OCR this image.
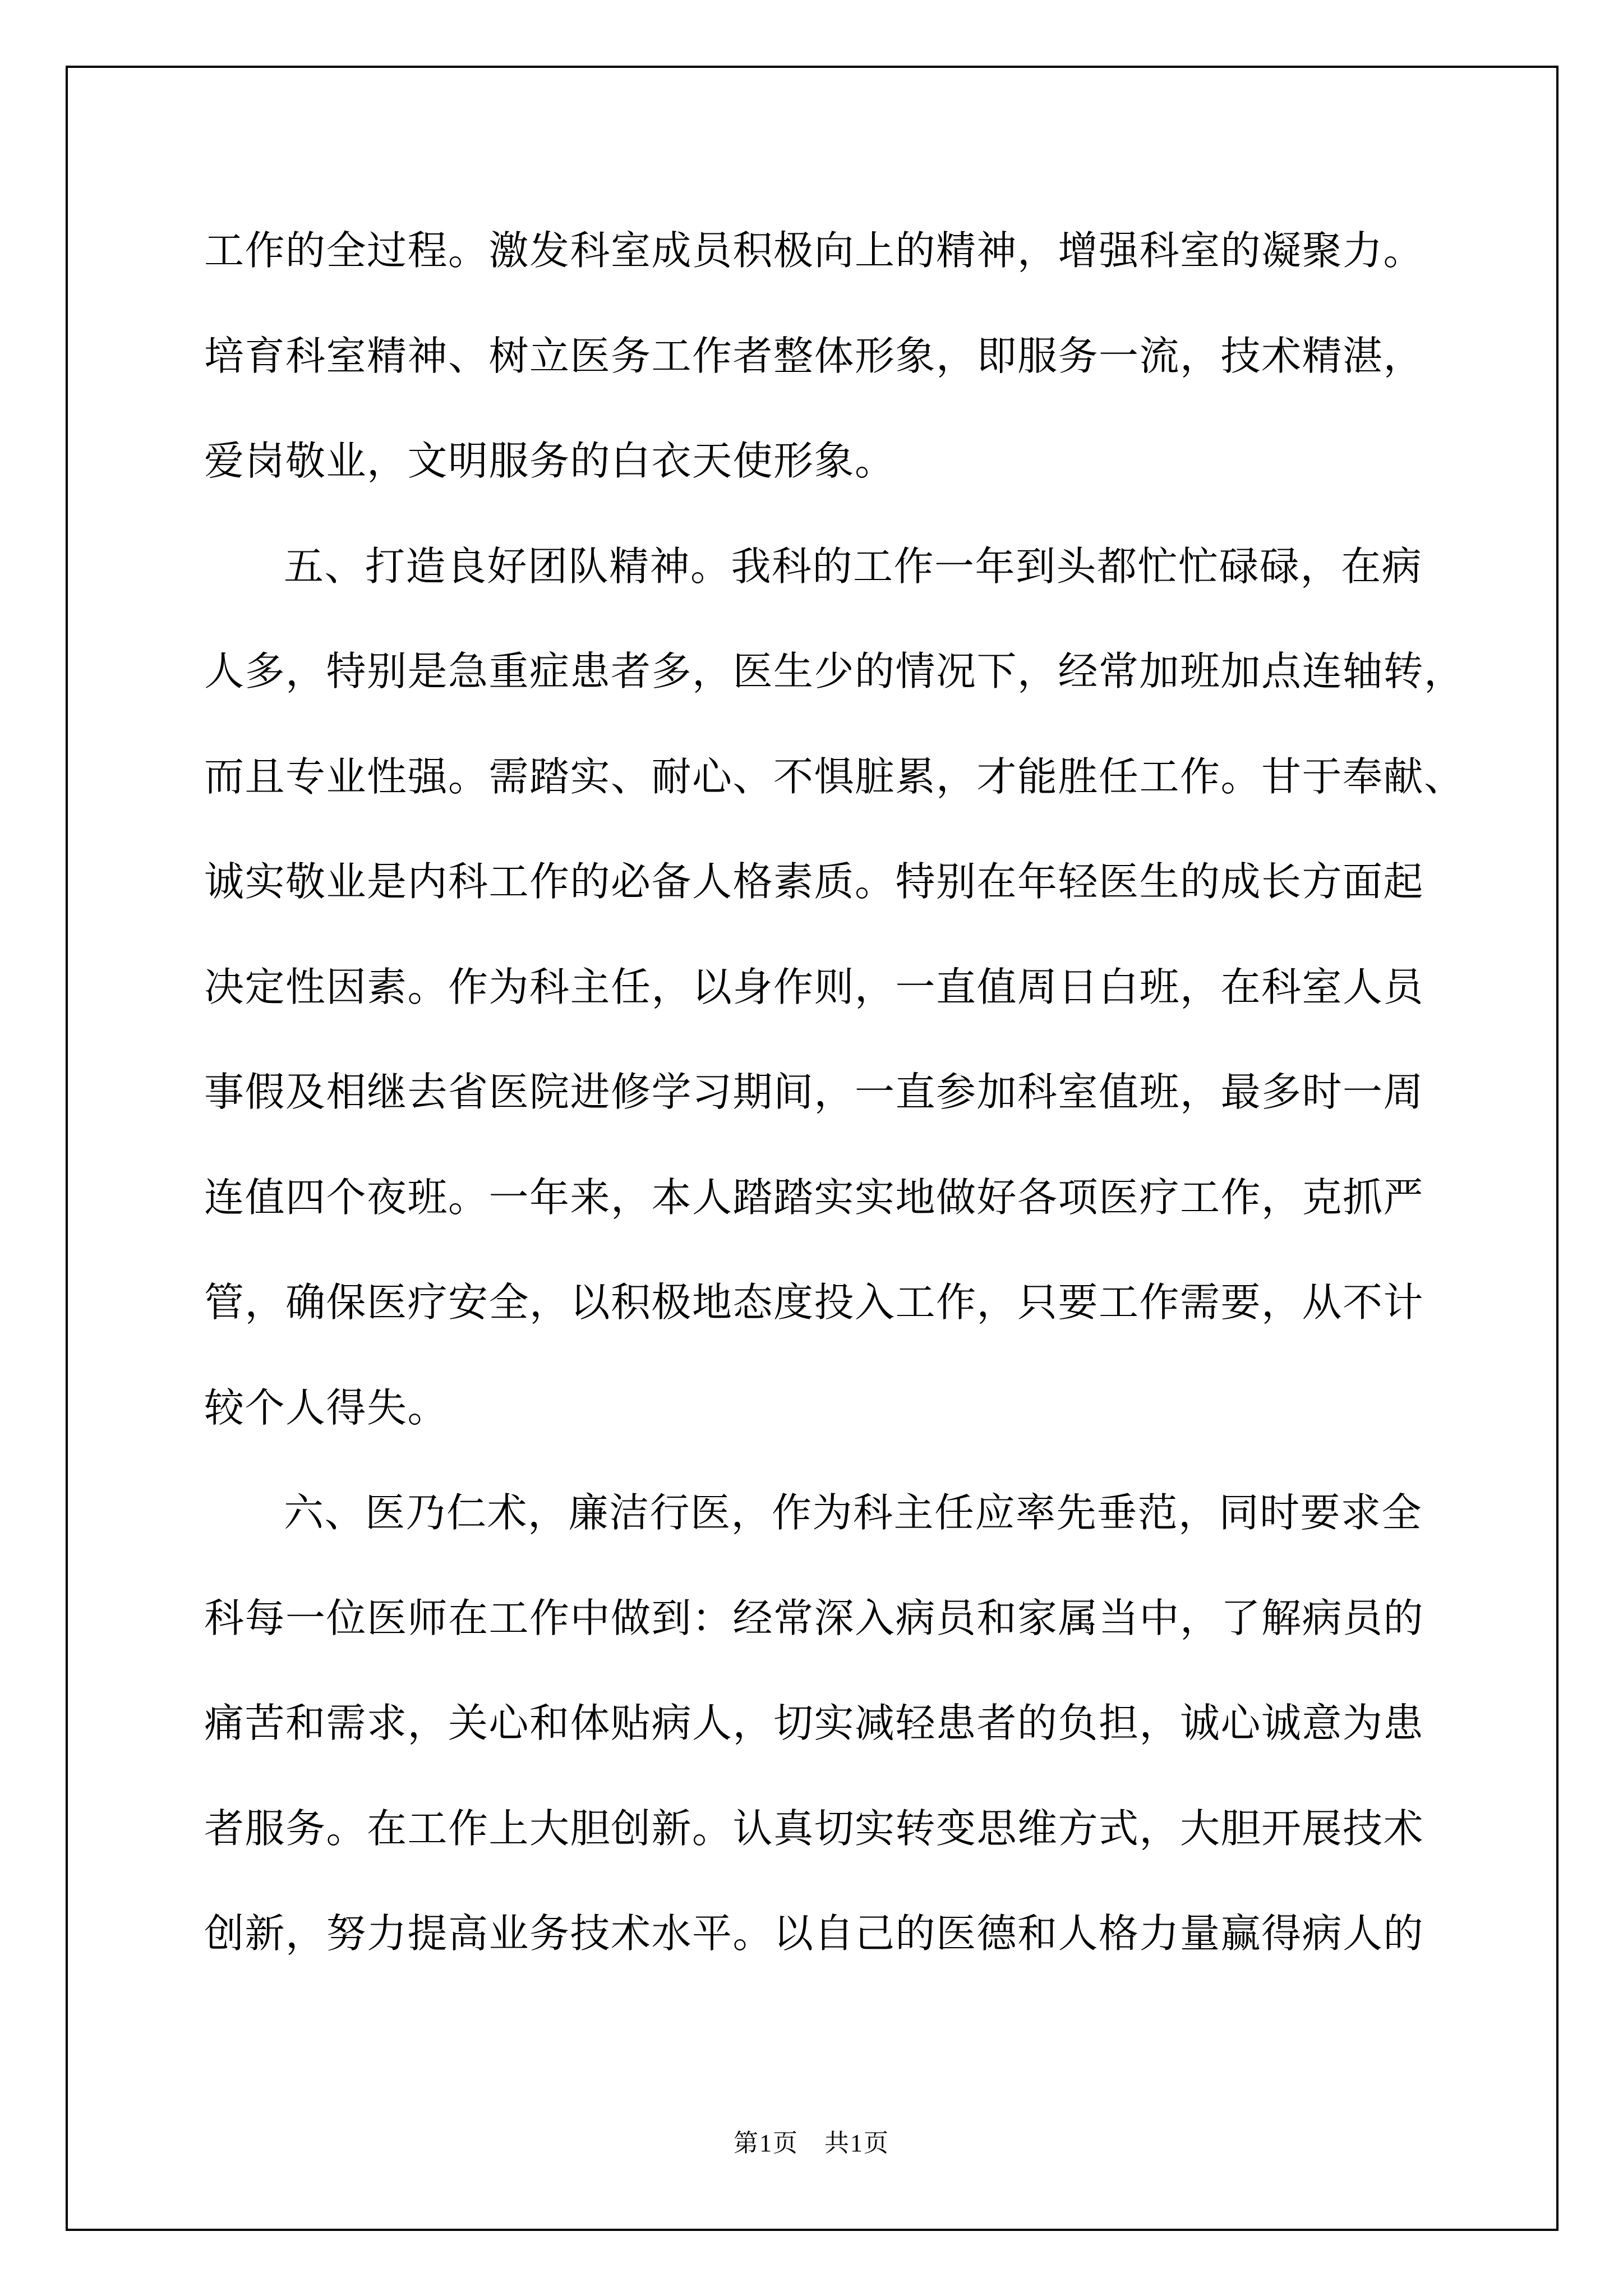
工作的全过程。激发科室成员积极向上的精神，增强科室的凝聚力。
培育科室精神、树立医务工作者整体形象，即服务一流，技术精湛，
爱岗敬业，文明服务的白衣天使形象。
五、打造良好团队精神。我科的工作一年到头都忙忙碌碌，在病
人多，特别是急重症患者多，医生少的情况下，经常加班加点连轴转，
而且专业性强。需踏实、耐心、不惧脏累，才能胜任工作。甘于奉献、
诚实敬业是内科工作的必备人格素质。特别在年轻医生的成长方面起
决定性因素。作为科主任，以身作则，一直值周日白班，在科室人员
事假及相继去省医院进修学习期间，一直参加科室值班，最多时一周
连值四个夜班。一年来，本人踏踏实实地做好各项医疗工作，克抓严
管，确保医疗安全，以积极地态度投入工作，只要工作需要，从不计
较个人得失。
六、医乃仁术，廉洁行医，作为科主任应率先垂范，同时要求全
科每一位医师在工作中做到：经常深入病员和家属当中，了解病员的
痛苦和需求，关心和体贴病人，切实减轻患者的负担，诚心诚意为患
者服务。在工作上大胆创新。认真切实转变思维方式，大胆开展技术
创新，努力提高业务技术水平。以自己的医德和人格力量赢得病人的
第1页　共1页
